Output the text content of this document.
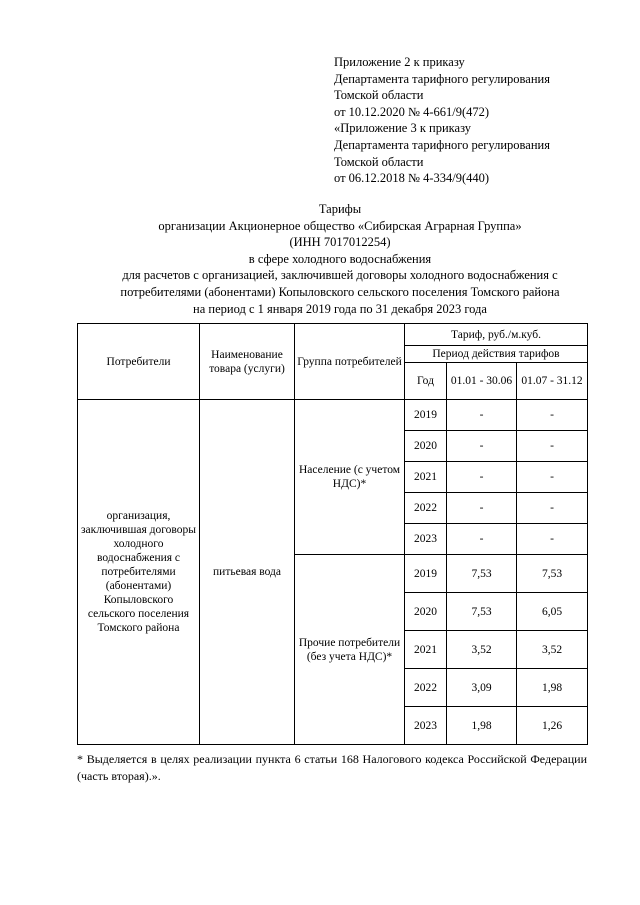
Приложение 2 к приказу
Департамента тарифного регулирования
Томской области
от 10.12.2020 № 4-661/9(472)
«Приложение 3 к приказу
Департамента тарифного регулирования
Томской области
от 06.12.2018 № 4-334/9(440)
Тарифы
организации Акционерное общество «Сибирская Аграрная Группа»
(ИНН 7017012254)
в сфере холодного водоснабжения
для расчетов с организацией, заключившей договоры холодного водоснабжения с
потребителями (абонентами) Копыловского сельского поселения Томского района
на период с 1 января 2019 года по 31 декабря 2023 года
Потребители	Наименование товара (услуги)	Группа потребителей	Тариф, руб./м.куб.		
			Период действия тарифов		
			Год	01.01 - 30.06	01.07 - 31.12
организация, заключившая договоры холодного водоснабжения с потребителями (абонентами) Копыловского сельского поселения Томского района	питьевая вода	Население (с учетом НДС)*	2019	-	-
			2020	-	-
			2021	-	-
			2022	-	-
			2023	-	-
		Прочие потребители (без учета НДС)*	2019	7,53	7,53
			2020	7,53	6,05
			2021	3,52	3,52
			2022	3,09	1,98
			2023	1,98	1,26
* Выделяется в целях реализации пункта 6 статьи 168 Налогового кодекса Российской Федерации (часть вторая).».
